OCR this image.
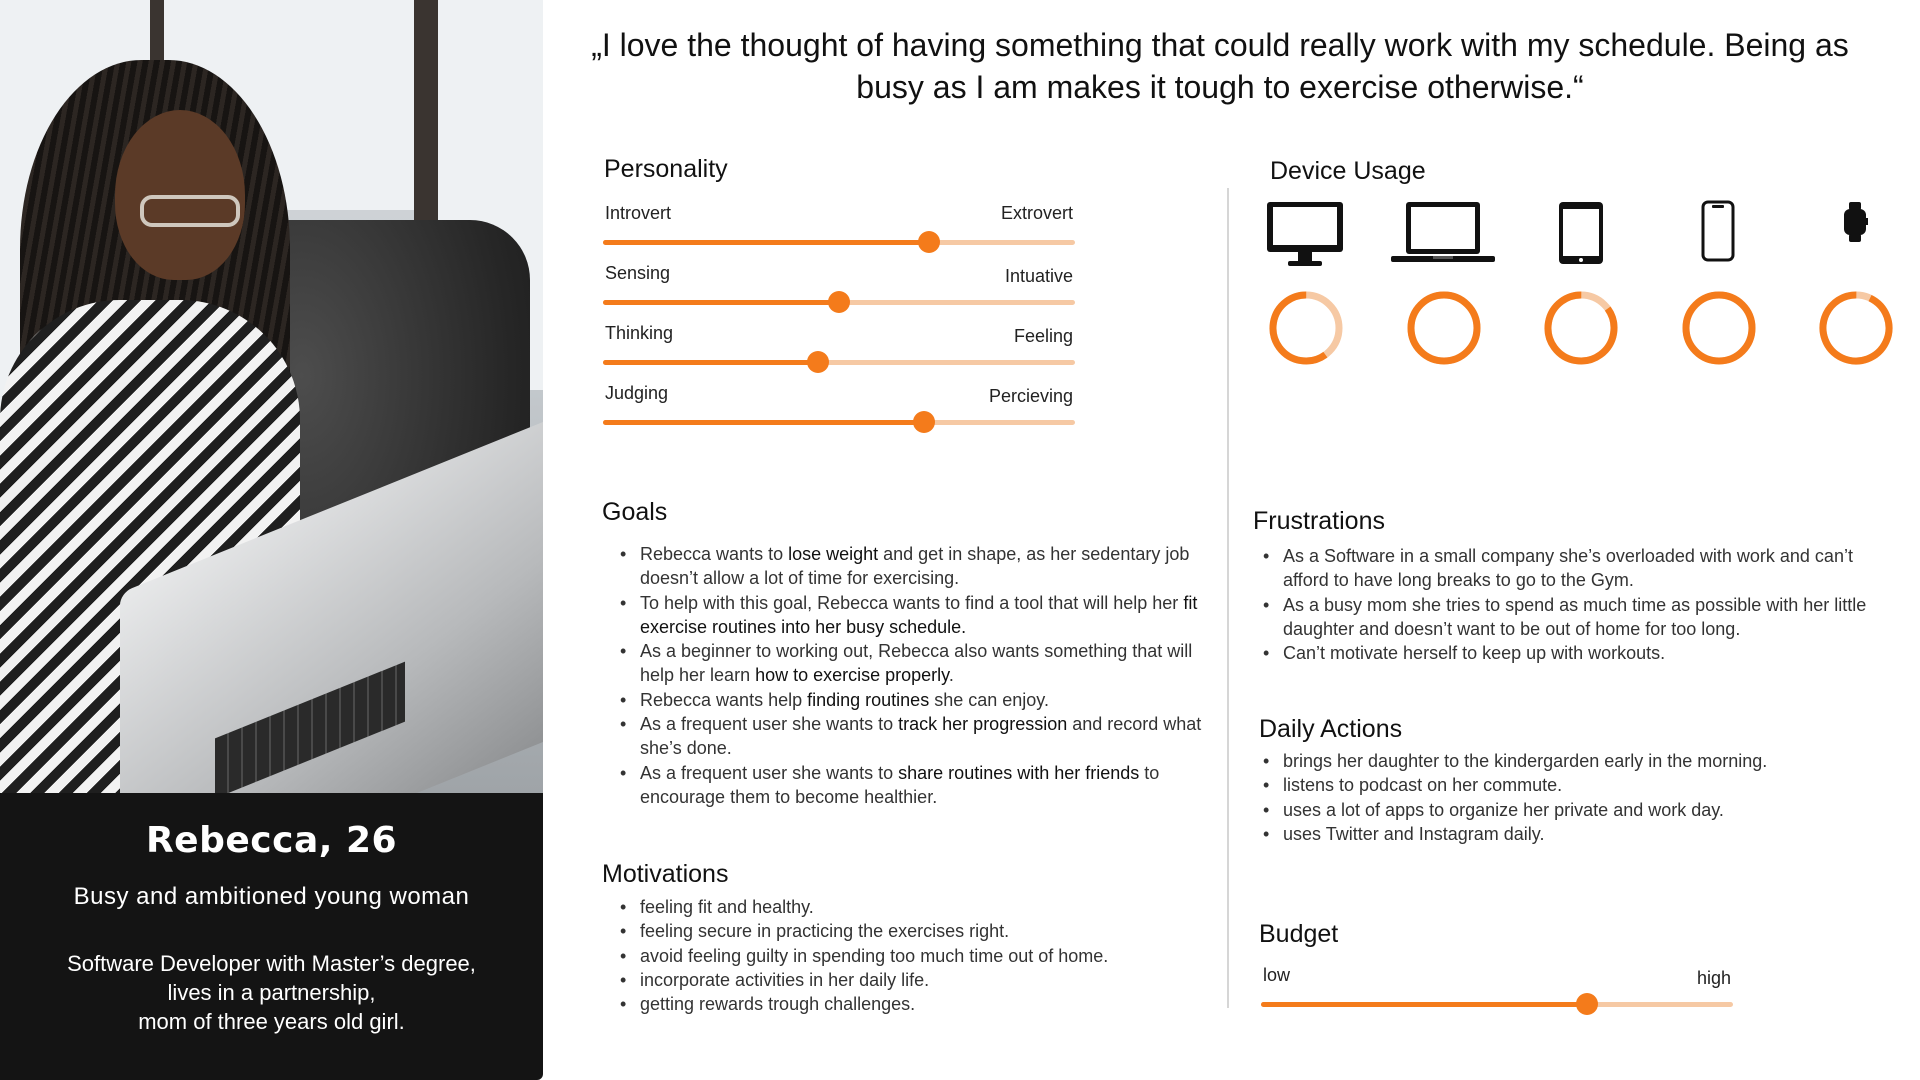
Rebecca, 26
Busy and ambitioned young woman
Software Developer with Master’s degree,
lives in a partnership,
mom of three years old girl.
„I love the thought of having something that could really work with my schedule. Being as busy as I am makes it tough to exercise otherwise.“
Personality
Introvert	Extrovert
Sensing	Intuative
Thinking	Feeling
Judging	Percieving
Device Usage
Goals
• Rebecca wants to lose weight and get in shape, as her sedentary job doesn’t allow a lot of time for exercising.
• To help with this goal, Rebecca wants to find a tool that will help her fit exercise routines into her busy schedule.
• As a beginner to working out, Rebecca also wants something that will help her learn how to exercise properly.
• Rebecca wants help finding routines she can enjoy.
• As a frequent user she wants to track her progression and record what she’s done.
• As a frequent user she wants to share routines with her friends to encourage them to become healthier.
Motivations
• feeling fit and healthy.
• feeling secure in practicing the exercises right.
• avoid feeling guilty in spending too much time out of home.
• incorporate activities in her daily life.
• getting rewards trough challenges.
Frustrations
• As a Software in a small company she’s overloaded with work and can’t afford to have long breaks to go to the Gym.
• As a busy mom she tries to spend as much time as possible with her little daughter and doesn’t want to be out of home for too long.
• Can’t motivate herself to keep up with workouts.
Daily Actions
• brings her daughter to the kindergarden early in the morning.
• listens to podcast on her commute.
• uses a lot of apps to organize her private and work day.
• uses Twitter and Instagram daily.
Budget
low	high
